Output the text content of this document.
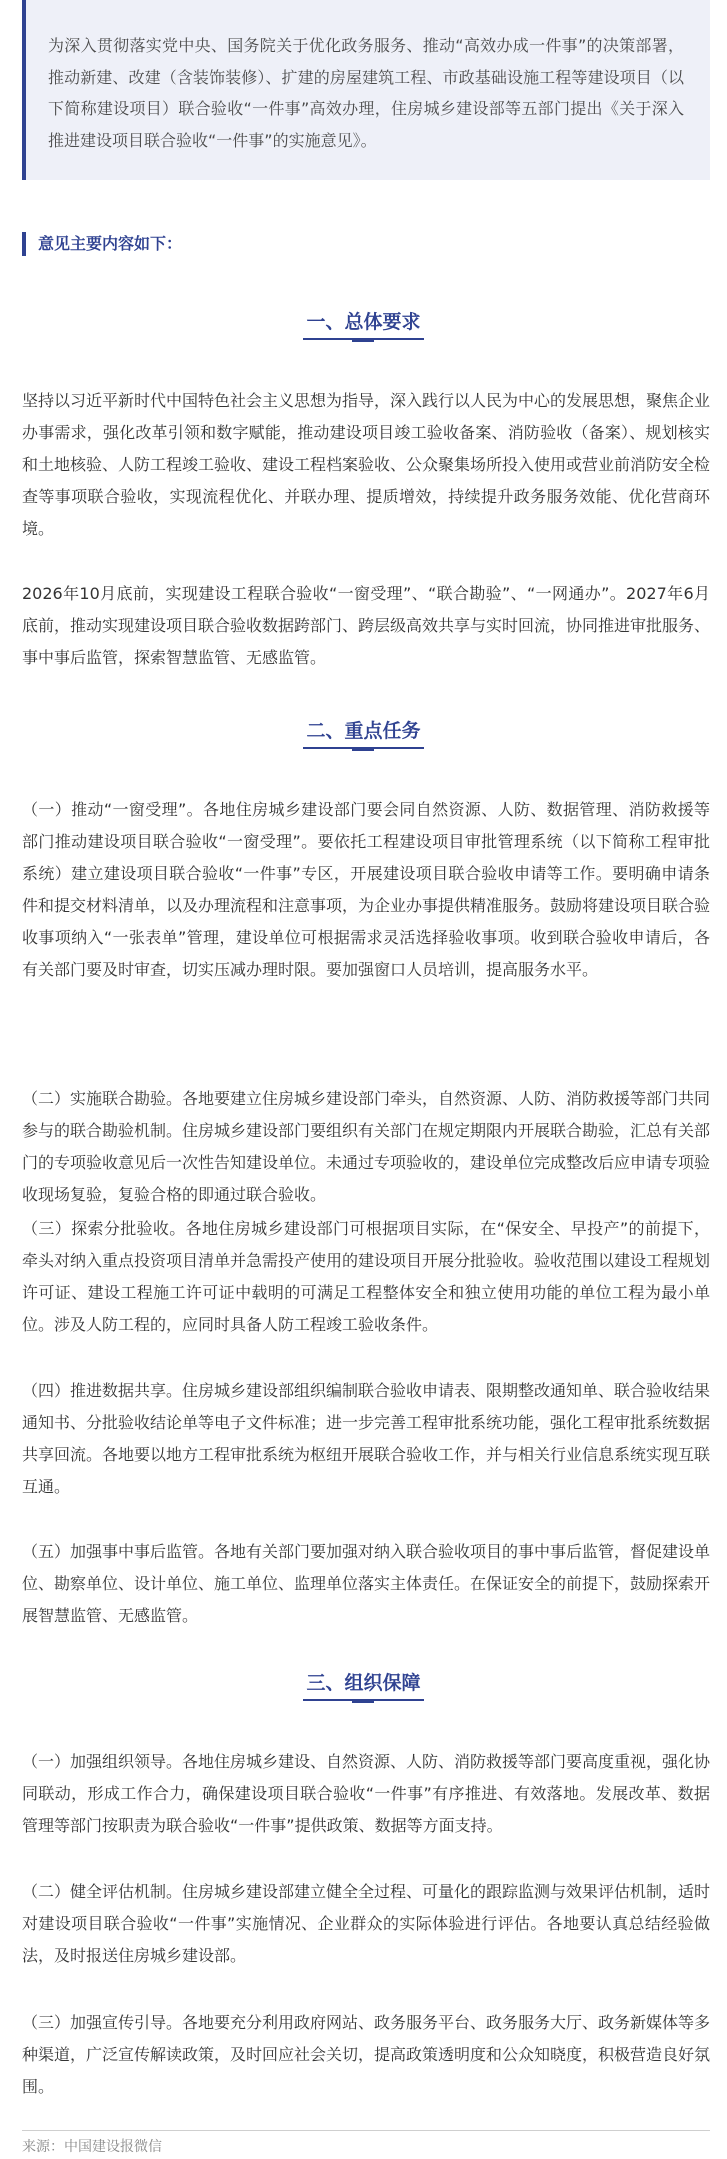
为深入贯彻落实党中央、国务院关于优化政务服务、推动“高效办成一件事”的决策部署，推动新建、改建（含装饰装修）、扩建的房屋建筑工程、市政基础设施工程等建设项目（以下简称建设项目）联合验收“一件事”高效办理，住房城乡建设部等五部门提出《关于深入推进建设项目联合验收“一件事”的实施意见》。

意见主要内容如下：
一、总体要求

坚持以习近平新时代中国特色社会主义思想为指导，深入践行以人民为中心的发展思想，聚焦企业办事需求，强化改革引领和数字赋能，推动建设项目竣工验收备案、消防验收（备案）、规划核实和土地核验、人防工程竣工验收、建设工程档案验收、公众聚集场所投入使用或营业前消防安全检查等事项联合验收，实现流程优化、并联办理、提质增效，持续提升政务服务效能、优化营商环境。

2026年10月底前，实现建设工程联合验收“一窗受理”、“联合勘验”、“一网通办”。2027年6月底前，推动实现建设项目联合验收数据跨部门、跨层级高效共享与实时回流，协同推进审批服务、事中事后监管，探索智慧监管、无感监管。

二、重点任务

（一）推动“一窗受理”。各地住房城乡建设部门要会同自然资源、人防、数据管理、消防救援等部门推动建设项目联合验收“一窗受理”。要依托工程建设项目审批管理系统（以下简称工程审批系统）建立建设项目联合验收“一件事”专区，开展建设项目联合验收申请等工作。要明确申请条件和提交材料清单，以及办理流程和注意事项，为企业办事提供精准服务。鼓励将建设项目联合验收事项纳入“一张表单”管理，建设单位可根据需求灵活选择验收事项。收到联合验收申请后，各有关部门要及时审查，切实压减办理时限。要加强窗口人员培训，提高服务水平。

（二）实施联合勘验。各地要建立住房城乡建设部门牵头，自然资源、人防、消防救援等部门共同参与的联合勘验机制。住房城乡建设部门要组织有关部门在规定期限内开展联合勘验，汇总有关部门的专项验收意见后一次性告知建设单位。未通过专项验收的，建设单位完成整改后应申请专项验收现场复验，复验合格的即通过联合验收。

（三）探索分批验收。各地住房城乡建设部门可根据项目实际，在“保安全、早投产”的前提下，牵头对纳入重点投资项目清单并急需投产使用的建设项目开展分批验收。验收范围以建设工程规划许可证、建设工程施工许可证中载明的可满足工程整体安全和独立使用功能的单位工程为最小单位。涉及人防工程的，应同时具备人防工程竣工验收条件。

（四）推进数据共享。住房城乡建设部组织编制联合验收申请表、限期整改通知单、联合验收结果通知书、分批验收结论单等电子文件标准；进一步完善工程审批系统功能，强化工程审批系统数据共享回流。各地要以地方工程审批系统为枢纽开展联合验收工作，并与相关行业信息系统实现互联互通。

（五）加强事中事后监管。各地有关部门要加强对纳入联合验收项目的事中事后监管，督促建设单位、勘察单位、设计单位、施工单位、监理单位落实主体责任。在保证安全的前提下，鼓励探索开展智慧监管、无感监管。

三、组织保障

（一）加强组织领导。各地住房城乡建设、自然资源、人防、消防救援等部门要高度重视，强化协同联动，形成工作合力，确保建设项目联合验收“一件事”有序推进、有效落地。发展改革、数据管理等部门按职责为联合验收“一件事”提供政策、数据等方面支持。

（二）健全评估机制。住房城乡建设部建立健全全过程、可量化的跟踪监测与效果评估机制，适时对建设项目联合验收“一件事”实施情况、企业群众的实际体验进行评估。各地要认真总结经验做法，及时报送住房城乡建设部。

（三）加强宣传引导。各地要充分利用政府网站、政务服务平台、政务服务大厅、政务新媒体等多种渠道，广泛宣传解读政策，及时回应社会关切，提高政策透明度和公众知晓度，积极营造良好氛围。

来源：中国建设报微信
